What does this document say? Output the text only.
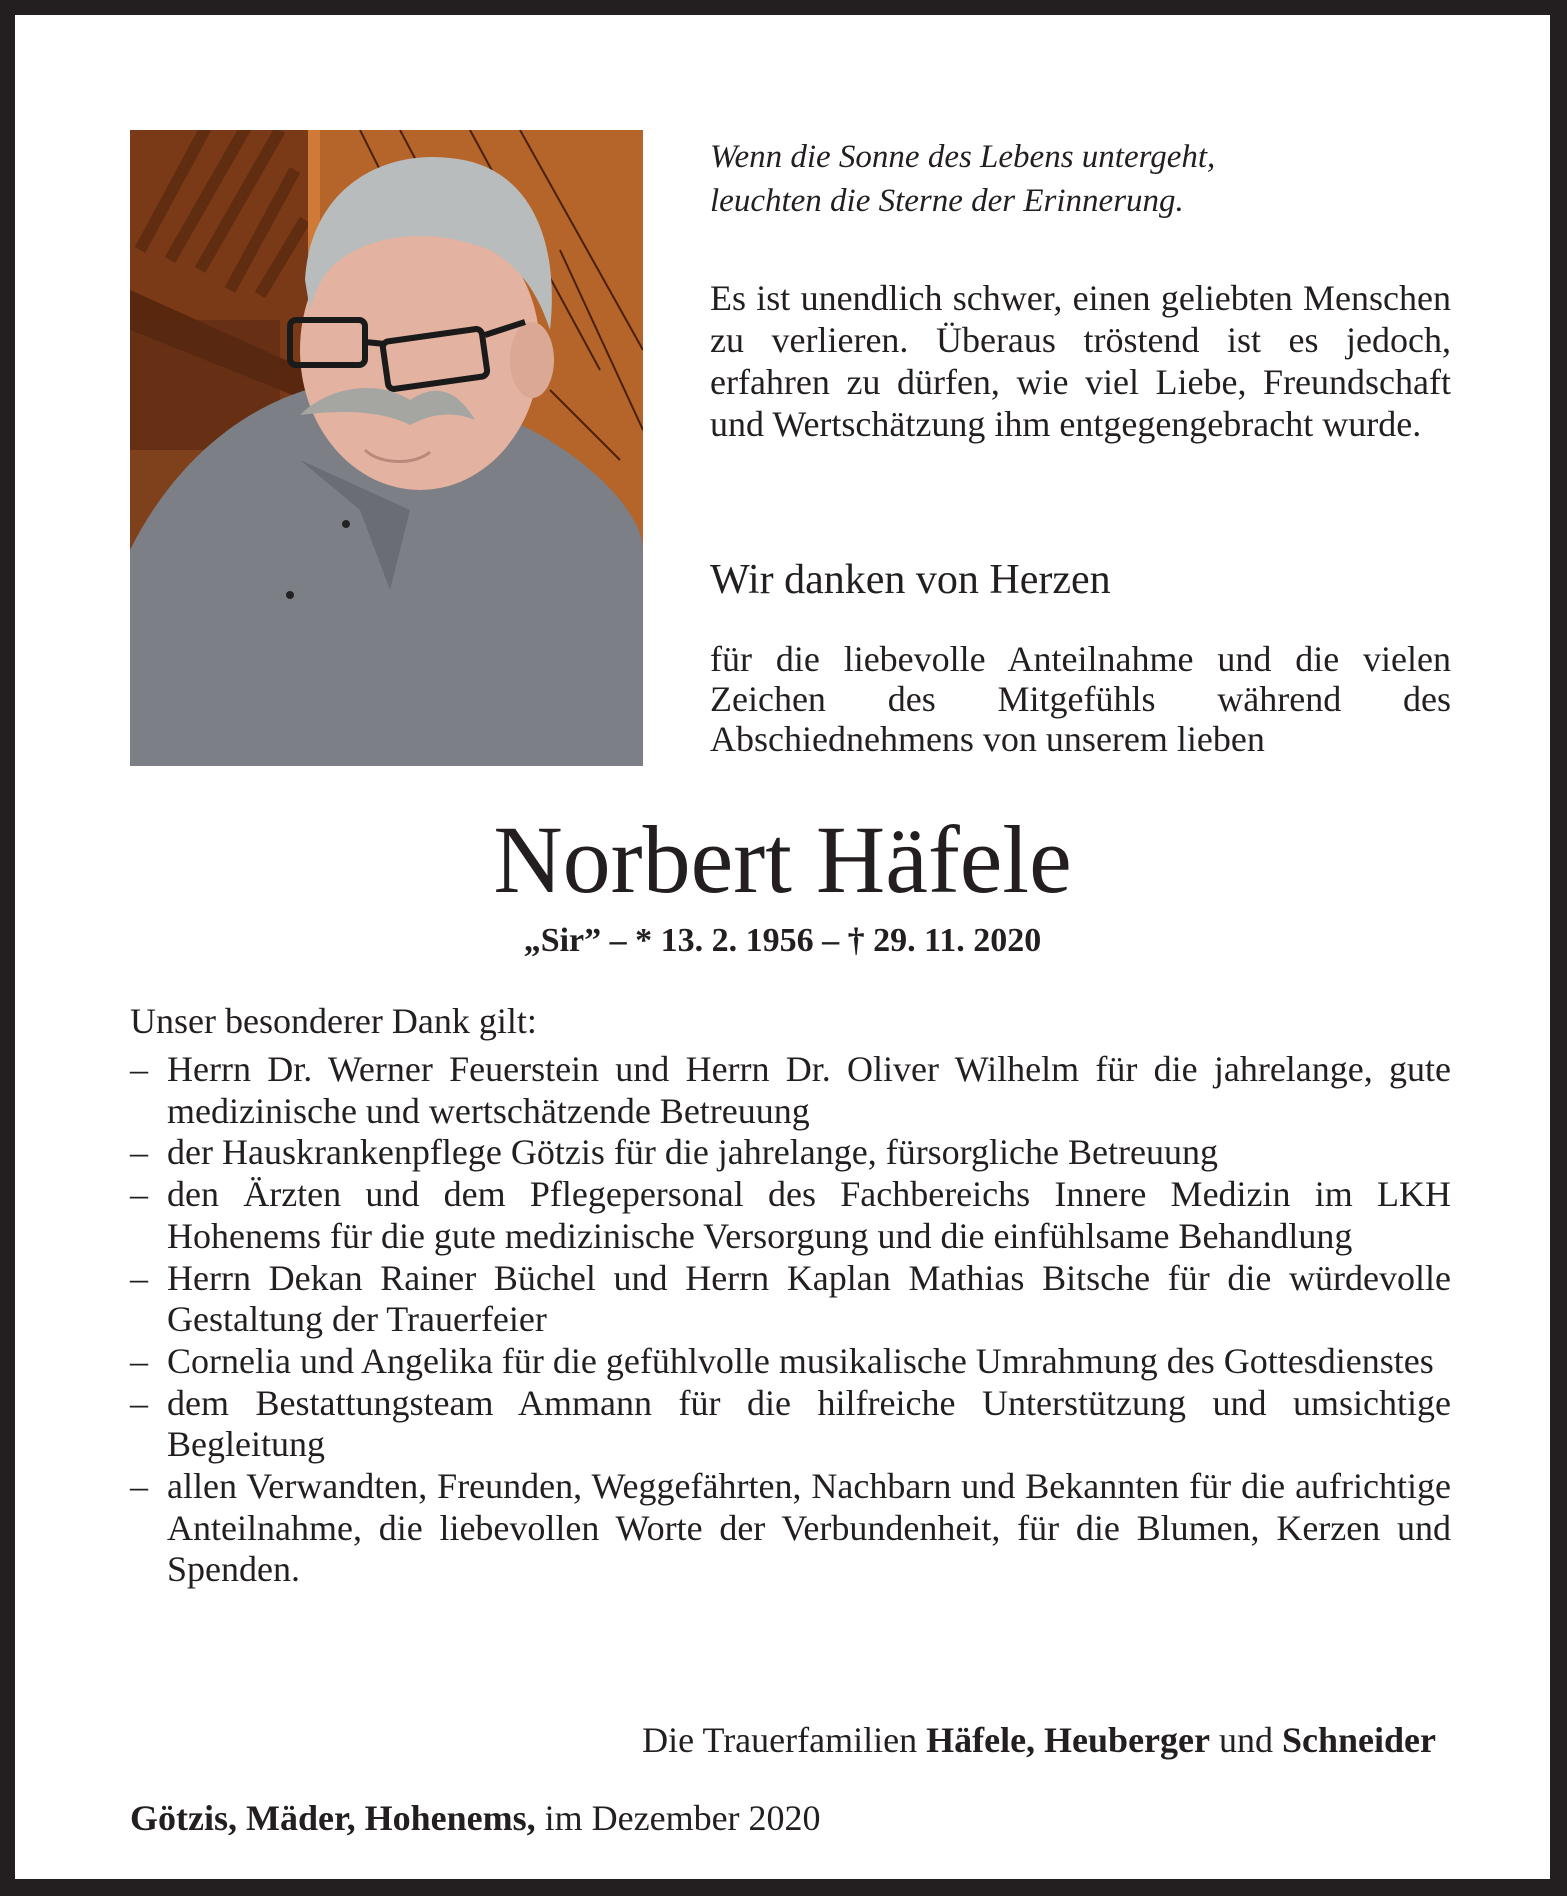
Wenn die Sonne des Lebens untergeht,
leuchten die Sterne der Erinnerung.
Es ist unendlich schwer, einen geliebten Menschen zu verlieren. Überaus tröstend ist es jedoch, erfahren zu dürfen, wie viel Liebe, Freundschaft und Wertschätzung ihm entgegengebracht wurde.
Wir danken von Herzen
für die liebevolle Anteilnahme und die vielen Zeichen des Mitgefühls während des Abschiednehmens von unserem lieben
Norbert Häfele
„Sir” – * 13. 2. 1956 – † 29. 11. 2020
Unser besonderer Dank gilt:
– Herrn Dr. Werner Feuerstein und Herrn Dr. Oliver Wilhelm für die jahrelange, gute medizinische und wertschätzende Betreuung
– der Hauskrankenpflege Götzis für die jahrelange, fürsorgliche Betreuung
– den Ärzten und dem Pflegepersonal des Fachbereichs Innere Medizin im LKH Hohenems für die gute medizinische Versorgung und die einfühlsame Behandlung
– Herrn Dekan Rainer Büchel und Herrn Kaplan Mathias Bitsche für die würdevolle Gestaltung der Trauerfeier
– Cornelia und Angelika für die gefühlvolle musikalische Umrahmung des Gottesdienstes
– dem Bestattungsteam Ammann für die hilfreiche Unterstützung und umsichtige Begleitung
– allen Verwandten, Freunden, Weggefährten, Nachbarn und Bekannten für die aufrichtige Anteilnahme, die liebevollen Worte der Verbundenheit, für die Blumen, Kerzen und Spenden.
Die Trauerfamilien Häfele, Heuberger und Schneider
Götzis, Mäder, Hohenems, im Dezember 2020
